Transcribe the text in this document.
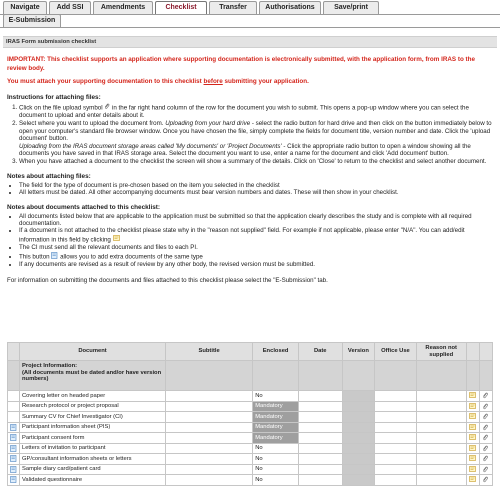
Navigate	Add SSI	Amendments	Checklist	Transfer	Authorisations	Save/print
E-Submission
IRAS Form submission checklist

IMPORTANT: This checklist supports an application where supporting documentation is electronically submitted, with the application form, from IRAS to the review body.

You must attach your supporting documentation to this checklist before submitting your application.

Instructions for attaching files:
1. Click on the file upload symbol  in the far right hand column of the row for the document you wish to submit. This opens a pop-up window where you can select the document to upload and enter details about it.
2. Select where you want to upload the document from. Uploading from your hard drive - select the radio button for hard drive and then click on the button immediately below to open your computer's standard file browser window. Once you have chosen the file, simply complete the fields for document title, version number and date. Click the 'upload document' button.
Uploading from the IRAS document storage areas called 'My documents' or 'Project Documents' - Click the appropriate radio button to open a window showing all the documents you have saved in that IRAS storage area. Select the document you want to use, enter a name for the document and click 'Add document' button.
3. When you have attached a document to the checklist the screen will show a summary of the details. Click on 'Close' to return to the checklist and select another document.
Notes about attaching files:
• The field for the type of document is pre-chosen based on the item you selected in the checklist
• All letters must be dated. All other accompanying documents must bear version numbers and dates. These will then show in your checklist.
Notes about documents attached to this checklist:
• All documents listed below that are applicable to the application must be submitted so that the application clearly describes the study and is complete with all required documentation.
• If a document is not attached to the checklist please state why in the "reason not supplied" field. For example if not applicable, please enter "N/A". You can add/edit information in this field by clicking
• The CI must send all the relevant documents and files to each PI.
• This button allows you to add extra documents of the same type
• If any documents are revised as a result of review by any other body, the revised version must be submitted.

For information on submitting the documents and files attached to this checklist please select the "E-Submission" tab.

	Document	Subtitle	Enclosed	Date	Version	Office Use	Reason not supplied		
	Project Information:
(All documents must be dated and/or have version numbers)								
	Covering letter on headed paper		No						
	Research protocol or project proposal		Mandatory						
	Summary CV for Chief Investigator (CI)		Mandatory						
	Participant information sheet (PIS)		Mandatory						
	Participant consent form		Mandatory						
	Letters of invitation to participant		No						
	GP/consultant information sheets or letters		No						
	Sample diary card/patient card		No						
	Validated questionnaire		No						
